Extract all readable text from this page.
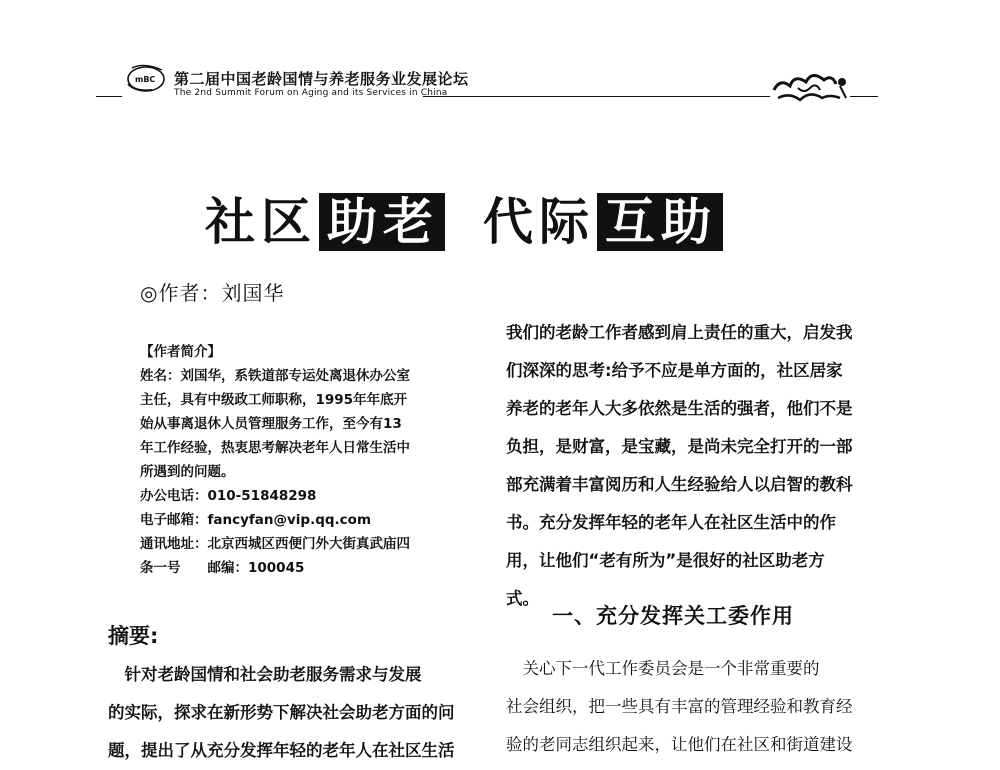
mBC 第二届中国老龄国情与养老服务业发展论坛
The 2nd Summit Forum on Aging and its Services in China
社区 助老 代际 互助
◎作者：刘国华
【作者简介】
姓名：刘国华，系铁道部专运处离退休办公室
主任，具有中级政工师职称，1995年年底开
始从事离退休人员管理服务工作，至今有13
年工作经验，热衷思考解决老年人日常生活中
所遇到的问题。
办公电话：010-51848298
电子邮箱：fancyfan@vip.qq.com
通讯地址：北京西城区西便门外大街真武庙四
条一号　　邮编：100045
摘要:
　针对老龄国情和社会助老服务需求与发展
的实际，探求在新形势下解决社会助老方面的问
题，提出了从充分发挥年轻的老年人在社区生活
我们的老龄工作者感到肩上责任的重大，启发我
们深深的思考:给予不应是单方面的，社区居家
养老的老年人大多依然是生活的强者，他们不是
负担，是财富，是宝藏，是尚未完全打开的一部
部充满着丰富阅历和人生经验给人以启智的教科
书。充分发挥年轻的老年人在社区生活中的作
用，让他们“老有所为”是很好的社区助老方
式。
一、充分发挥关工委作用
　关心下一代工作委员会是一个非常重要的
社会组织，把一些具有丰富的管理经验和教育经
验的老同志组织起来，让他们在社区和街道建设
